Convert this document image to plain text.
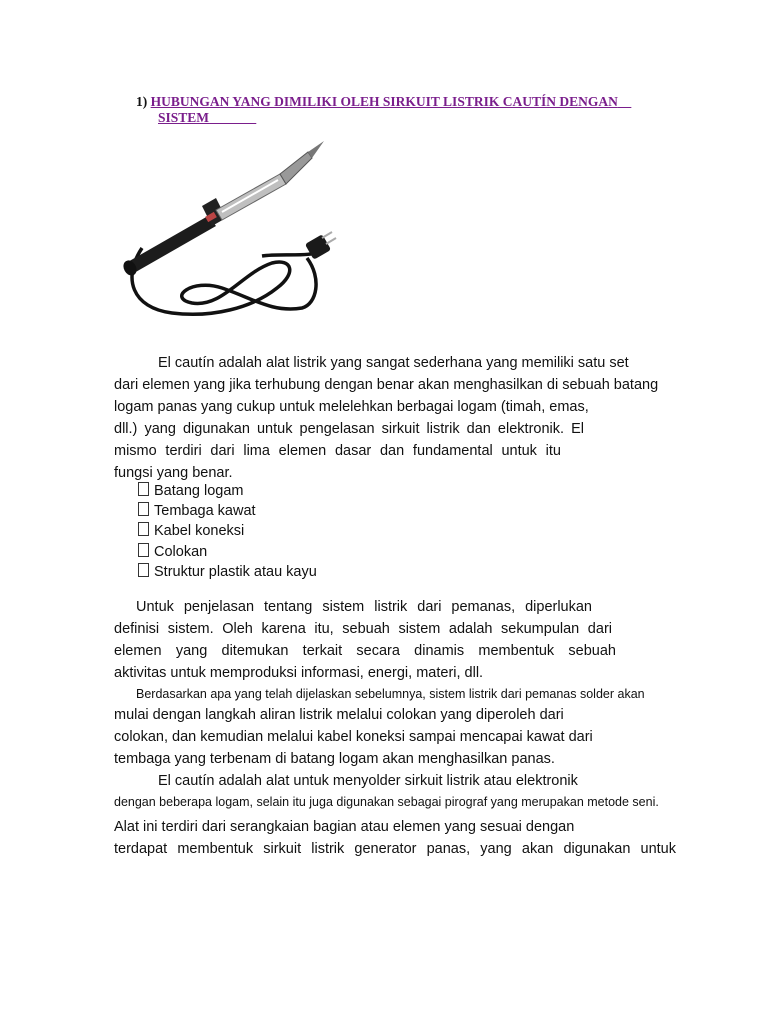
1) HUBUNGAN YANG DIMILIKI OLEH SIRKUIT LISTRIK CAUTÍN DENGAN
SISTEM
El cautín adalah alat listrik yang sangat sederhana yang memiliki satu set
dari elemen yang jika terhubung dengan benar akan menghasilkan di sebuah batang
logam panas yang cukup untuk melelehkan berbagai logam (timah, emas,
dll.) yang digunakan untuk pengelasan sirkuit listrik dan elektronik. El
mismo terdiri dari lima elemen dasar dan fundamental untuk itu
fungsi yang benar.
Batang logam
Tembaga kawat
Kabel koneksi
Colokan
Struktur plastik atau kayu
Untuk penjelasan tentang sistem listrik dari pemanas, diperlukan
definisi sistem. Oleh karena itu, sebuah sistem adalah sekumpulan dari
elemen yang ditemukan terkait secara dinamis membentuk sebuah
aktivitas untuk memproduksi informasi, energi, materi, dll.
Berdasarkan apa yang telah dijelaskan sebelumnya, sistem listrik dari pemanas solder akan
mulai dengan langkah aliran listrik melalui colokan yang diperoleh dari
colokan, dan kemudian melalui kabel koneksi sampai mencapai kawat dari
tembaga yang terbenam di batang logam akan menghasilkan panas.
El cautín adalah alat untuk menyolder sirkuit listrik atau elektronik
dengan beberapa logam, selain itu juga digunakan sebagai pirograf yang merupakan metode seni.
Alat ini terdiri dari serangkaian bagian atau elemen yang sesuai dengan
terdapat membentuk sirkuit listrik generator panas, yang akan digunakan untuk
